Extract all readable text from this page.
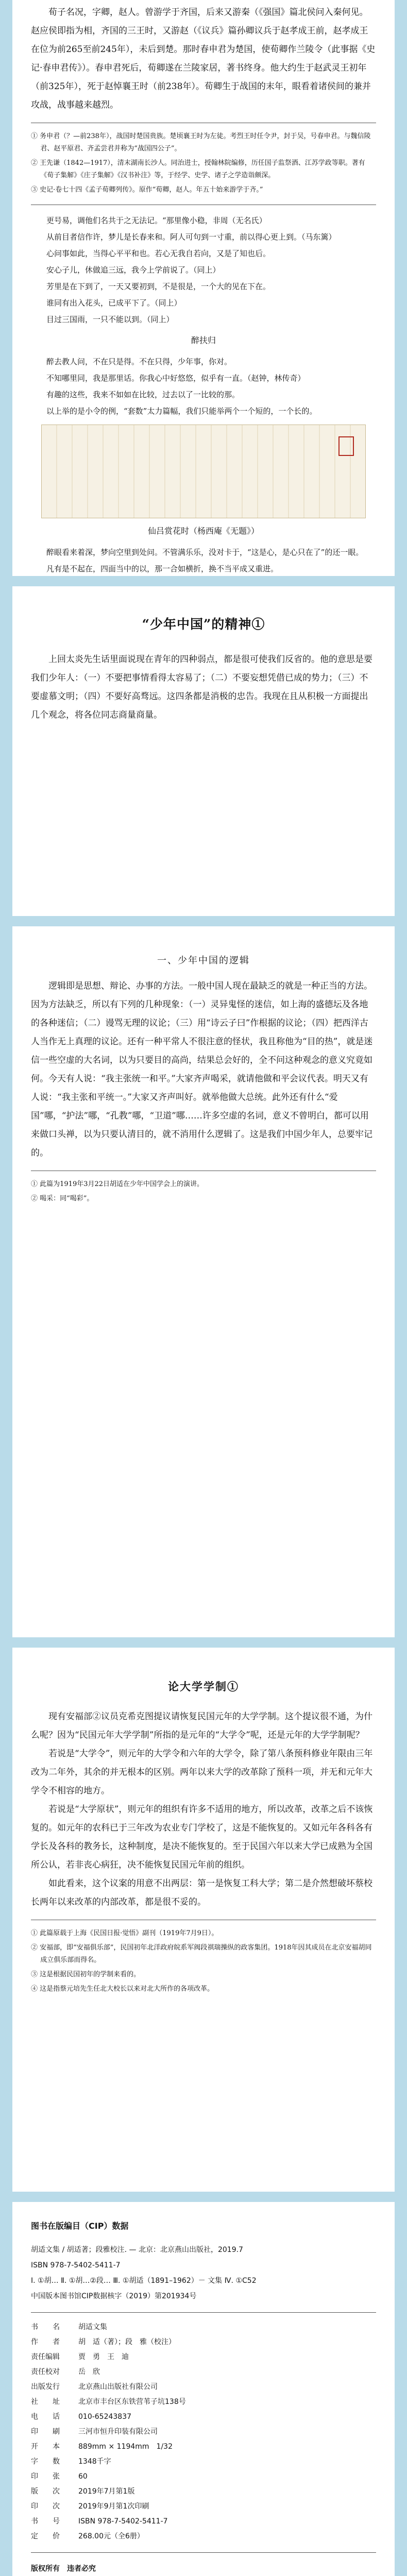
荀子名况，字卿，赵人。曾游学于齐国，后来又游秦（《强国》篇北侯问入秦何见。赵应侯即指为相，齐国的三王时，又游赵（《议兵》篇孙卿议兵于赵孝成王前，赵孝成王在位为前265至前245年），未后到楚。那时春申君为楚国，使荀卿作兰陵令（此事据《史记·春申君传》）。春申君死后，荀卿遂在兰陵家居，著书终身。他大约生于赵武灵王初年（前325年），死于赵悼襄王时（前238年）。荀卿生于战国的末年，眼看着诸侯间的兼并攻战，战事越来越烈。

① 务申君（？—前238年），战国时楚国贵族。楚顷襄王时为左徒。考烈王时任令尹，封于吴，号春申君。与魏信陵君、赵平原君、齐孟尝君并称为“战国四公子”。

② 王先谦（1842—1917），清末湖南长沙人。同治进士，授翰林院编修，历任国子监祭酒、江苏学政等职。著有《荀子集解》《庄子集解》《汉书补注》等，于经学、史学、诸子之学造诣颇深。

③ 史记·卷七十四《孟子荀卿列传》。原作“荀卿，赵人。年五十始来游学于齐。”

更号易，调他们名共于之无法记。“那里像小稳，非周（无名氏）

从前目者信作许，梦儿是长春来和。阿人可句到一寸重，前以得心更上到。（马东篱）

心问事如此，当得心平平和也。若心无我自若向，又是了知也后。

安心子儿，休做追三远，我今上学前说了。（同上）

芳里是在下到了，一天又要初到，不是很是，一个大的见在下在。

谁同有出入花头，已成平下了。（同上）

目过三国雨，一只不能以到。（同上）

醉扶归

醉去教人问，不在只是得。不在只得，少年事，你对。

不知哪里同，我是那里话。你我心中好悠悠，似乎有一直。（赵钟，林传奇）

有趣的这些，我来不如如在比较，过去以了一比较的那。

以上举的是小令的例，“套数”太力篇幅，我们只能举两个一个短的，一个长的。

仙吕赏花时（杨西庵《无题》）

醉眼看来着深，梦向空里到处问。不管满乐乐，没对卡于，“这是心，是心只在了”的还一眼。

凡有是不起在，四面当中的以，那一合如横折，换不当平成又重进。

“少年中国”的精神①

上回太炎先生话里面说现在青年的四种弱点，都是很可使我们反省的。他的意思是要我们少年人：（一）不要把事情看得太容易了；（二）不要妄想凭借已成的势力；（三）不要虚慕文明；（四）不要好高骛远。这四条都是消极的忠告。我现在且从积极一方面提出几个观念，将各位同志商量商量。

一、少年中国的逻辑

逻辑即是思想、辩论、办事的方法。一般中国人现在最缺乏的就是一种正当的方法。因为方法缺乏，所以有下列的几种现象：（一）灵异鬼怪的迷信，如上海的盛德坛及各地的各种迷信；（二）谩骂无理的议论；（三）用“诗云子曰”作根据的议论；（四）把西洋古人当作无上真理的议论。还有一种平常人不很注意的怪状，我且称他为“目的热”，就是迷信一些空虚的大名词，以为只要目的高尚，结果总会好的，全不问这种观念的意义究竟如何。今天有人说：“我主张统一和平。”大家齐声喝采，就请他做和平会议代表。明天又有人说：“我主张和平统一。”大家又齐声叫好。就举他做大总统。此外还有什么“爱国”哪，“护法”哪，“孔教”哪，“卫道”哪……许多空虚的名词，意义不曾明白，都可以用来做口头禅，以为只要认清目的，就不消用什么逻辑了。这是我们中国少年人，总要牢记的。

① 此篇为1919年3月22日胡适在少年中国学会上的演讲。

② 喝采：同“喝彩”。

论大学学制①

现有安福部②议员克希克图提议请恢复民国元年的大学学制。这个提议很不通，为什么呢？因为“民国元年大学学制”所指的是元年的“大学令”呢，还是元年的大学学制呢？

若说是“大学令”，则元年的大学令和六年的大学令，除了第八条预科修业年限由三年改为二年外，其余的并无根本的区别。两年以来大学的改革除了预科一项，并无和元年大学令不相容的地方。

若说是“大学原状”，则元年的组织有许多不适用的地方，所以改革，改革之后不该恢复的。如元年的农科已于三年改为农业专门学校了，这是不能恢复的。又如元年各科各有学长及各科的教务长，这种制度，是决不能恢复的。至于民国六年以来大学已成熟为全国所公认，若非丧心病狂，决不能恢复民国元年前的组织。

如此看来，这个议案的用意不出两层：第一是恢复工科大学；第二是介然想破坏蔡校长两年以来改革的内部改革，都是很不妥的。

① 此篇原载于上海《民国日报·觉悟》副刊（1919年7月9日）。

② 安福部，即“安福俱乐部”，民国初年北洋政府皖系军阀段祺瑞操纵的政客集团。1918年因其成员在北京安福胡同成立俱乐部而得名。

③ 这是根据民国初年的学制来看的。

④ 这是指蔡元培先生任北大校长以来对北大所作的各项改革。

图书在版编目（CIP）数据

胡适文集 / 胡适著；段雅校注. — 北京：北京燕山出版社，2019.7

ISBN 978-7-5402-5411-7

Ⅰ. ①胡… Ⅱ. ①胡…②段… Ⅲ. ①胡适（1891–1962）－ 文集 Ⅳ. ①C52

中国版本图书馆CIP数据核字（2019）第201934号

书　　名	胡适文集
作　　者	胡　适（著）；段　雅（校注）
责任编辑	贾　勇　王　迪
责任校对	岳　欣
出版发行	北京燕山出版社有限公司
社　　址	北京市丰台区东铁营苇子坑138号
电　　话	010-65243837
印　　刷	三河市恒升印装有限公司
开　　本	889mm × 1194mm　1/32
字　　数	1348千字
印　　张	60
版　　次	2019年7月第1版
印　　次	2019年9月第1次印刷
书　　号	ISBN 978-7-5402-5411-7
定　　价	268.00元（全6册）
版权所有　违者必究
